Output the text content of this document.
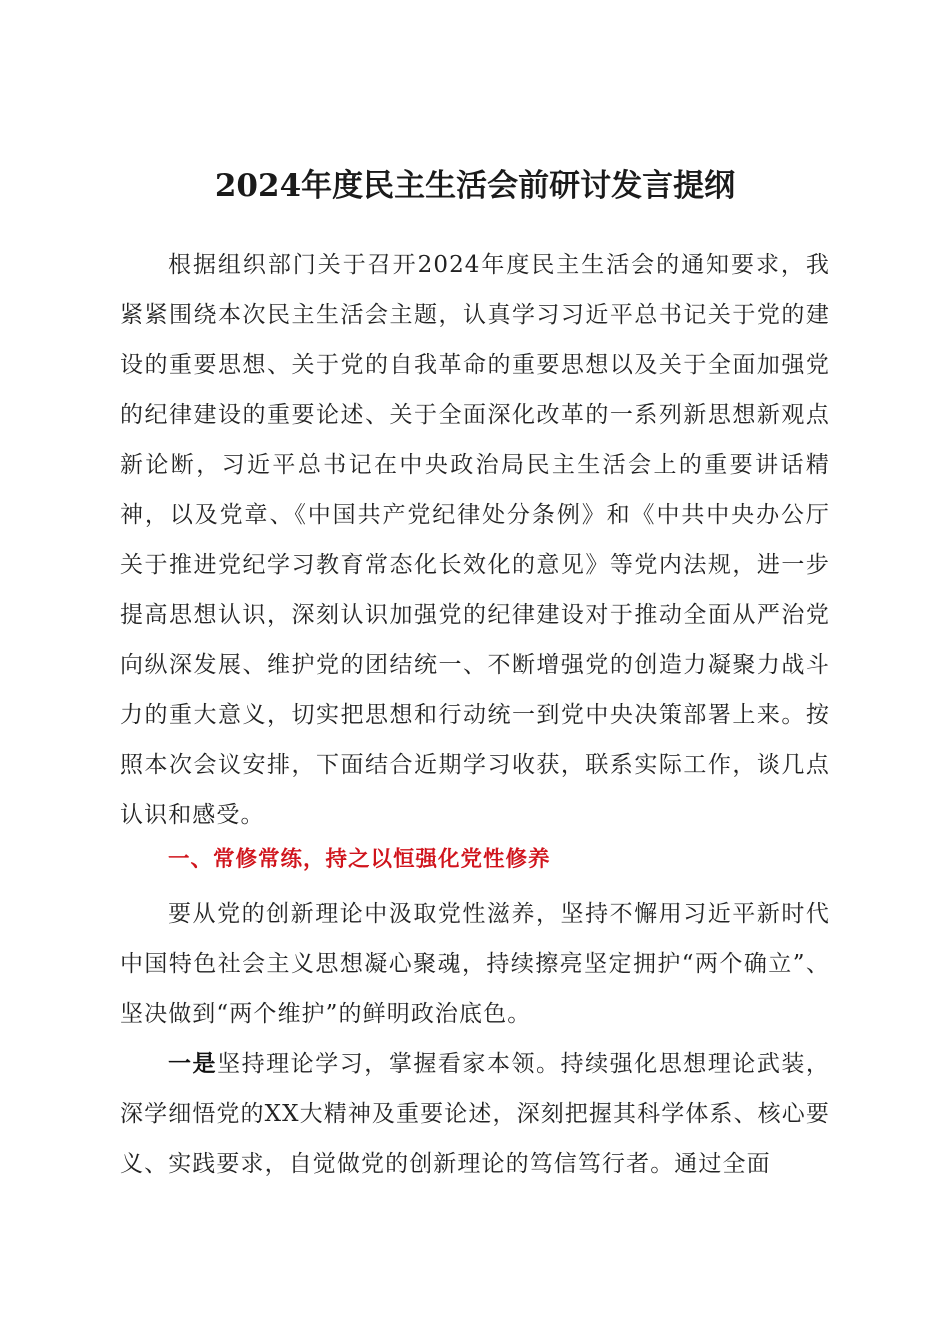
2024年度民主生活会前研讨发言提纲
根据组织部门关于召开2024年度民主生活会的通知要求，我紧紧围绕本次民主生活会主题，认真学习习近平总书记关于党的建设的重要思想、关于党的自我革命的重要思想以及关于全面加强党的纪律建设的重要论述、关于全面深化改革的一系列新思想新观点新论断，习近平总书记在中央政治局民主生活会上的重要讲话精神，以及党章、《中国共产党纪律处分条例》和《中共中央办公厅关于推进党纪学习教育常态化长效化的意见》等党内法规，进一步提高思想认识，深刻认识加强党的纪律建设对于推动全面从严治党向纵深发展、维护党的团结统一、不断增强党的创造力凝聚力战斗力的重大意义，切实把思想和行动统一到党中央决策部署上来。按照本次会议安排，下面结合近期学习收获，联系实际工作，谈几点认识和感受。
一、常修常练，持之以恒强化党性修养
要从党的创新理论中汲取党性滋养，坚持不懈用习近平新时代中国特色社会主义思想凝心聚魂，持续擦亮坚定拥护“两个确立”、坚决做到“两个维护”的鲜明政治底色。
一是坚持理论学习，掌握看家本领。持续强化思想理论武装，深学细悟党的XX大精神及重要论述，深刻把握其科学体系、核心要义、实践要求，自觉做党的创新理论的笃信笃行者。通过全面
